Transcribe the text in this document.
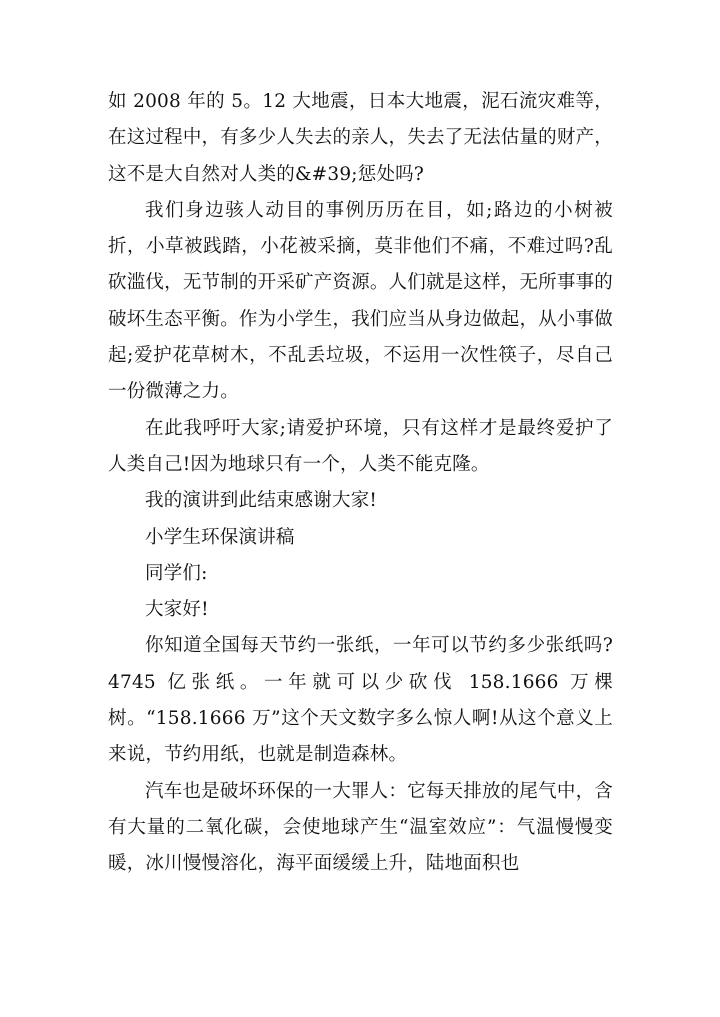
如 2008 年的 5。12 大地震，日本大地震，泥石流灾难等，在这过程中，有多少人失去的亲人，失去了无法估量的财产，这不是大自然对人类的&#39;惩处吗?

我们身边骇人动目的事例历历在目，如;路边的小树被折，小草被践踏，小花被采摘，莫非他们不痛，不难过吗?乱砍滥伐，无节制的开采矿产资源。人们就是这样，无所事事的破坏生态平衡。作为小学生，我们应当从身边做起，从小事做起;爱护花草树木，不乱丢垃圾，不运用一次性筷子，尽自己一份微薄之力。

在此我呼吁大家;请爱护环境，只有这样才是最终爱护了人类自己!因为地球只有一个，人类不能克隆。

我的演讲到此结束感谢大家!

小学生环保演讲稿

同学们:

大家好!

你知道全国每天节约一张纸，一年可以节约多少张纸吗?4745 亿张纸。一年就可以少砍伐 158.1666 万棵树。“158.1666 万”这个天文数字多么惊人啊!从这个意义上来说，节约用纸，也就是制造森林。

汽车也是破坏环保的一大罪人：它每天排放的尾气中，含有大量的二氧化碳，会使地球产生“温室效应”：气温慢慢变暖，冰川慢慢溶化，海平面缓缓上升，陆地面积也
